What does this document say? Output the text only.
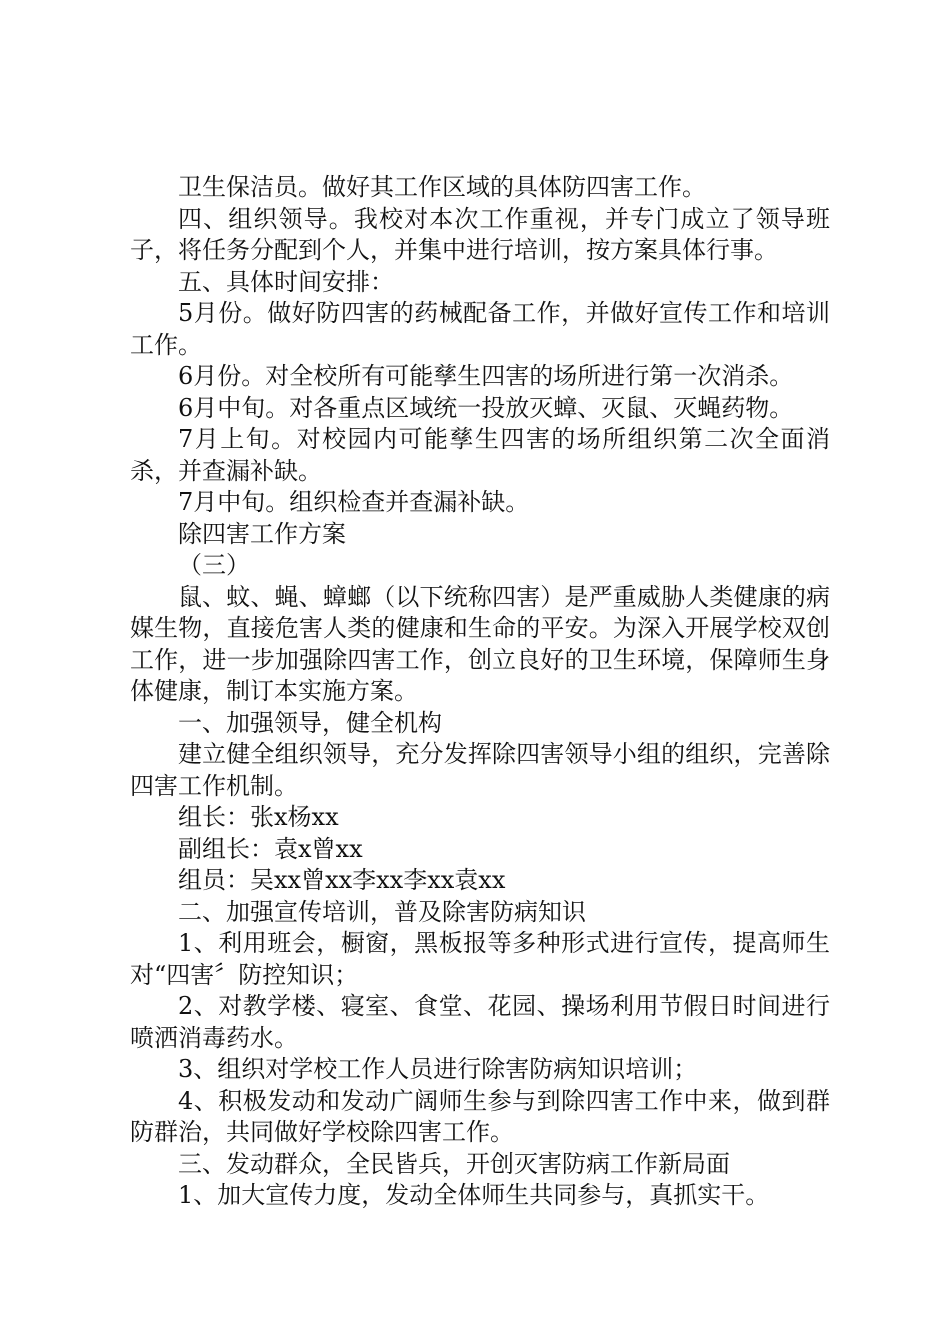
卫生保洁员。做好其工作区域的具体防四害工作。

四、组织领导。我校对本次工作重视，并专门成立了领导班子，将任务分配到个人，并集中进行培训，按方案具体行事。

五、具体时间安排：

5月份。做好防四害的药械配备工作，并做好宣传工作和培训工作。

6月份。对全校所有可能孳生四害的场所进行第一次消杀。

6月中旬。对各重点区域统一投放灭蟑、灭鼠、灭蝇药物。

7月上旬。对校园内可能孳生四害的场所组织第二次全面消杀，并查漏补缺。

7月中旬。组织检查并查漏补缺。

除四害工作方案

（三）

鼠、蚊、蝇、蟑螂（以下统称四害）是严重威胁人类健康的病媒生物，直接危害人类的健康和生命的平安。为深入开展学校双创工作，进一步加强除四害工作，创立良好的卫生环境，保障师生身体健康，制订本实施方案。

一、加强领导，健全机构

建立健全组织领导，充分发挥除四害领导小组的组织，完善除四害工作机制。

组长：张x杨xx

副组长：袁x曾xx

组员：吴xx曾xx李xx李xx袁xx

二、加强宣传培训，普及除害防病知识

1、利用班会，橱窗，黑板报等多种形式进行宣传，提高师生对“四害〞防控知识；

2、对教学楼、寝室、食堂、花园、操场利用节假日时间进行喷洒消毒药水。

3、组织对学校工作人员进行除害防病知识培训；

4、积极发动和发动广阔师生参与到除四害工作中来，做到群防群治，共同做好学校除四害工作。

三、发动群众，全民皆兵，开创灭害防病工作新局面

1、加大宣传力度，发动全体师生共同参与，真抓实干。
